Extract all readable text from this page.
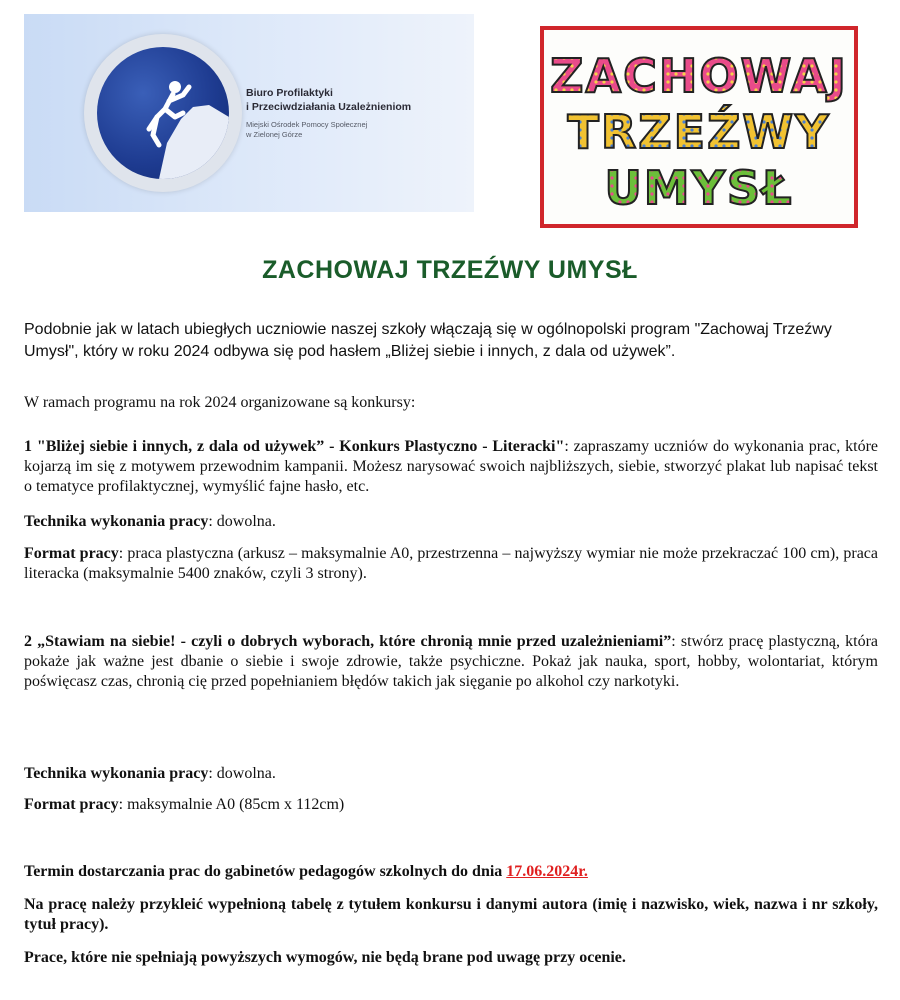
Biuro Profilaktyki
i Przeciwdziałania Uzależnieniom
Miejski Ośrodek Pomocy Społecznej
w Zielonej Górze
ZACHOWAJ
TRZEŹWY
UMYSŁ
ZACHOWAJ TRZEŹWY UMYSŁ
Podobnie jak w latach ubiegłych uczniowie naszej szkoły włączają się w ogólnopolski program "Zachowaj Trzeźwy Umysł", który w roku 2024 odbywa się pod hasłem „Bliżej siebie i innych, z dala od używek”.
W ramach programu na rok 2024 organizowane są konkursy:
1 "Bliżej siebie i innych, z dala od używek” - Konkurs Plastyczno - Literacki": zapraszamy uczniów do wykonania prac, które kojarzą im się z motywem przewodnim kampanii. Możesz narysować swoich najbliższych, siebie, stworzyć plakat lub napisać tekst o tematyce profilaktycznej, wymyślić fajne hasło, etc.
Technika wykonania pracy: dowolna.
Format pracy: praca plastyczna (arkusz – maksymalnie A0, przestrzenna – najwyższy wymiar nie może przekraczać 100 cm), praca literacka (maksymalnie 5400 znaków, czyli 3 strony).
2 „Stawiam na siebie! - czyli o dobrych wyborach, które chronią mnie przed uzależnieniami”: stwórz pracę plastyczną, która pokaże jak ważne jest dbanie o siebie i swoje zdrowie, także psychiczne. Pokaż jak nauka, sport, hobby, wolontariat, którym poświęcasz czas, chronią cię przed popełnianiem błędów takich jak sięganie po alkohol czy narkotyki.
Technika wykonania pracy: dowolna.
Format pracy: maksymalnie A0 (85cm x 112cm)
Termin dostarczania prac do gabinetów pedagogów szkolnych do dnia 17.06.2024r.
Na pracę należy przykleić wypełnioną tabelę z tytułem konkursu i danymi autora (imię i nazwisko, wiek, nazwa i nr szkoły, tytuł pracy).
Prace, które nie spełniają powyższych wymogów, nie będą brane pod uwagę przy ocenie.
